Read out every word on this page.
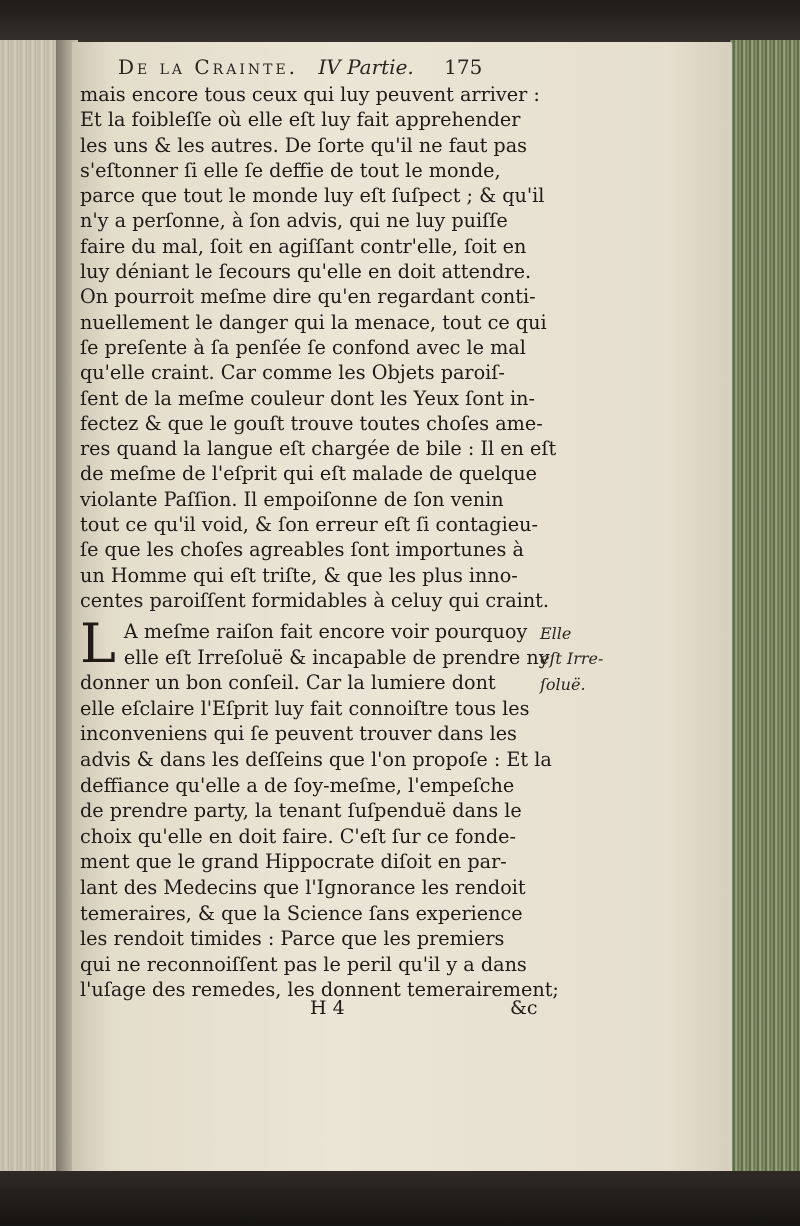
De la Crainte. IV Partie. 175
mais encore tous ceux qui luy peuvent arriver :
Et la foibleſſe où elle eſt luy fait apprehender
les uns & les autres. De ſorte qu'il ne faut pas
s'eſtonner ſi elle ſe deffie de tout le monde,
parce que tout le monde luy eſt ſuſpect ; & qu'il
n'y a perſonne, à ſon advis, qui ne luy puiſſe
faire du mal, ſoit en agiſſant contr'elle, ſoit en
luy déniant le ſecours qu'elle en doit attendre.
On pourroit meſme dire qu'en regardant conti-
nuellement le danger qui la menace, tout ce qui
ſe preſente à ſa penſée ſe confond avec le mal
qu'elle craint. Car comme les Objets paroiſ-
ſent de la meſme couleur dont les Yeux ſont in-
fectez & que le gouſt trouve toutes choſes ame-
res quand la langue eſt chargée de bile : Il en eſt
de meſme de l'eſprit qui eſt malade de quelque
violante Paſſion. Il empoiſonne de ſon venin
tout ce qu'il void, & ſon erreur eſt ſi contagieu-
ſe que les choſes agreables ſont importunes à
un Homme qui eſt triſte, & que les plus inno-
centes paroiſſent formidables à celuy qui craint.
L A meſme raiſon fait encore voir pourquoy
elle eſt Irreſoluë & incapable de prendre ny
donner un bon conſeil. Car la lumiere dont
elle eſclaire l'Eſprit luy fait connoiſtre tous les
inconveniens qui ſe peuvent trouver dans les
advis & dans les deſſeins que l'on propoſe : Et la
deffiance qu'elle a de ſoy-meſme, l'empeſche
de prendre party, la tenant ſuſpenduë dans le
choix qu'elle en doit faire. C'eſt ſur ce fonde-
ment que le grand Hippocrate diſoit en par-
lant des Medecins que l'Ignorance les rendoit
temeraires, & que la Science ſans experience
les rendoit timides : Parce que les premiers
qui ne reconnoiſſent pas le peril qu'il y a dans
l'uſage des remedes, les donnent temerairement;
Elle
eſt Irre-
ſoluë.
H 4	&c
